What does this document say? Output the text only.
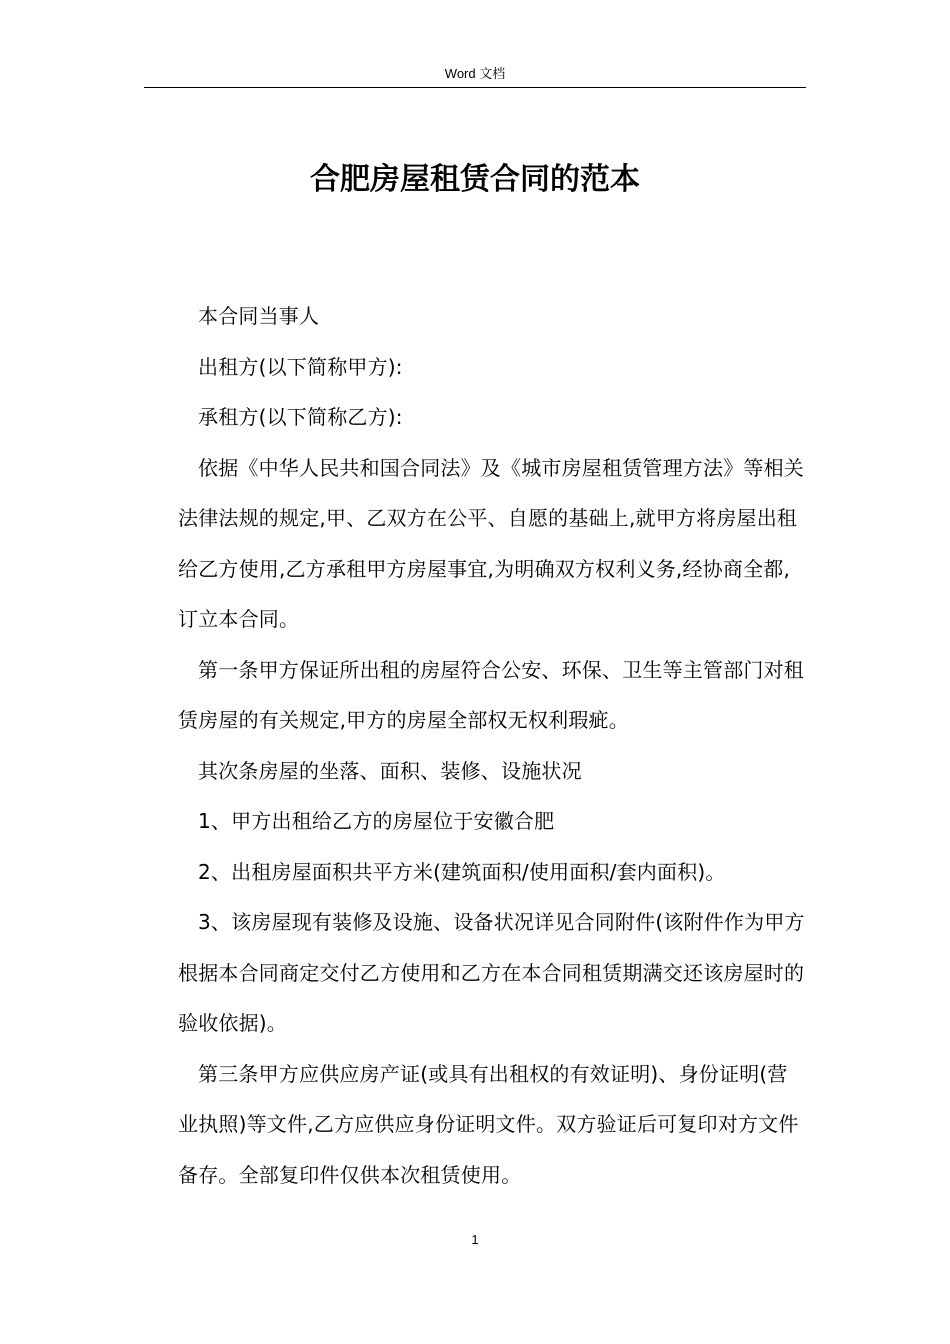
Word 文档
合肥房屋租赁合同的范本

本合同当事人

出租方(以下简称甲方):

承租方(以下简称乙方):

依据《中华人民共和国合同法》及《城市房屋租赁管理方法》等相关法律法规的规定,甲、乙双方在公平、自愿的基础上,就甲方将房屋出租给乙方使用,乙方承租甲方房屋事宜,为明确双方权利义务,经协商全都,订立本合同。

第一条甲方保证所出租的房屋符合公安、环保、卫生等主管部门对租赁房屋的有关规定,甲方的房屋全部权无权利瑕疵。

其次条房屋的坐落、面积、装修、设施状况

1、甲方出租给乙方的房屋位于安徽合肥

2、出租房屋面积共平方米(建筑面积/使用面积/套内面积)。

3、该房屋现有装修及设施、设备状况详见合同附件(该附件作为甲方根据本合同商定交付乙方使用和乙方在本合同租赁期满交还该房屋时的验收依据)。

第三条甲方应供应房产证(或具有出租权的有效证明)、身份证明(营业执照)等文件,乙方应供应身份证明文件。双方验证后可复印对方文件备存。全部复印件仅供本次租赁使用。

1
